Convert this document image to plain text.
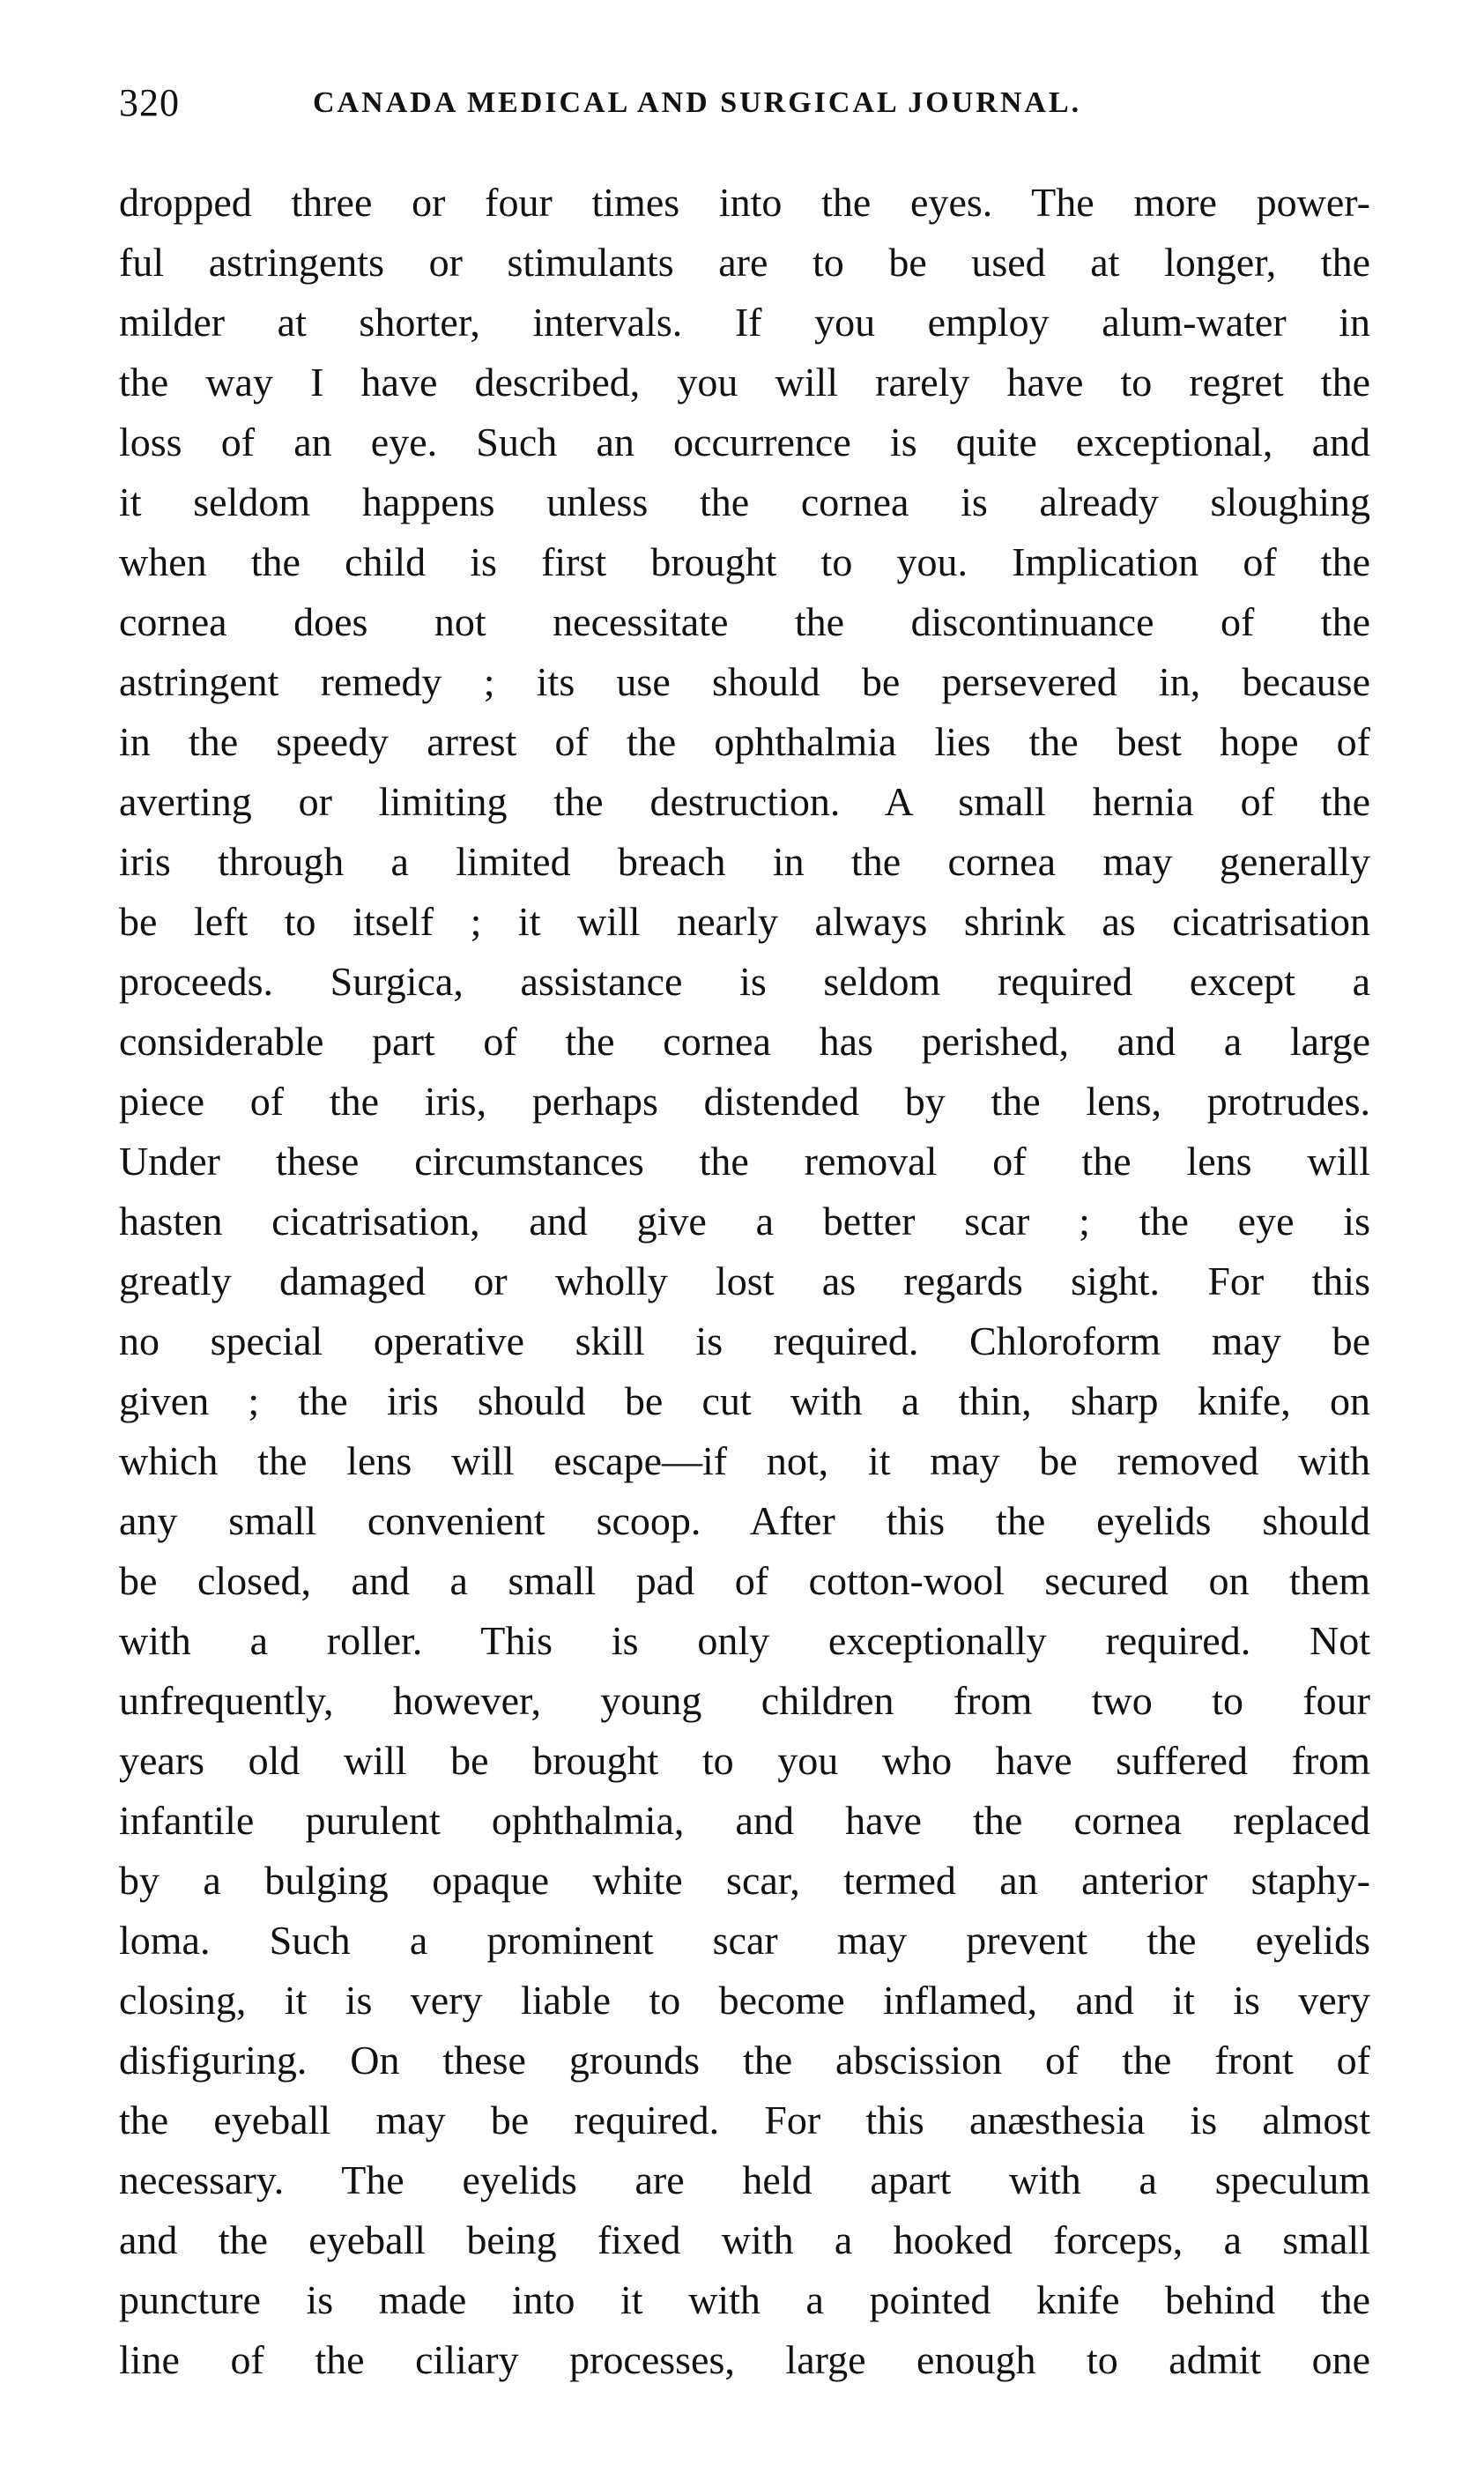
320	CANADA MEDICAL AND SURGICAL JOURNAL.
dropped three or four times into the eyes. The more power-
ful astringents or stimulants are to be used at longer, the
milder at shorter, intervals. If you employ alum-water in
the way I have described, you will rarely have to regret the
loss of an eye. Such an occurrence is quite exceptional, and
it seldom happens unless the cornea is already sloughing
when the child is first brought to you. Implication of the
cornea does not necessitate the discontinuance of the
astringent remedy ; its use should be persevered in, because
in the speedy arrest of the ophthalmia lies the best hope of
averting or limiting the destruction. A small hernia of the
iris through a limited breach in the cornea may generally
be left to itself ; it will nearly always shrink as cicatrisation
proceeds. Surgica, assistance is seldom required except a
considerable part of the cornea has perished, and a large
piece of the iris, perhaps distended by the lens, protrudes.
Under these circumstances the removal of the lens will
hasten cicatrisation, and give a better scar ; the eye is
greatly damaged or wholly lost as regards sight. For this
no special operative skill is required. Chloroform may be
given ; the iris should be cut with a thin, sharp knife, on
which the lens will escape—if not, it may be removed with
any small convenient scoop. After this the eyelids should
be closed, and a small pad of cotton-wool secured on them
with a roller. This is only exceptionally required. Not
unfrequently, however, young children from two to four
years old will be brought to you who have suffered from
infantile purulent ophthalmia, and have the cornea replaced
by a bulging opaque white scar, termed an anterior staphy-
loma. Such a prominent scar may prevent the eyelids
closing, it is very liable to become inflamed, and it is very
disfiguring. On these grounds the abscission of the front of
the eyeball may be required. For this anæsthesia is almost
necessary. The eyelids are held apart with a speculum
and the eyeball being fixed with a hooked forceps, a small
puncture is made into it with a pointed knife behind the
line of the ciliary processes, large enough to admit one
